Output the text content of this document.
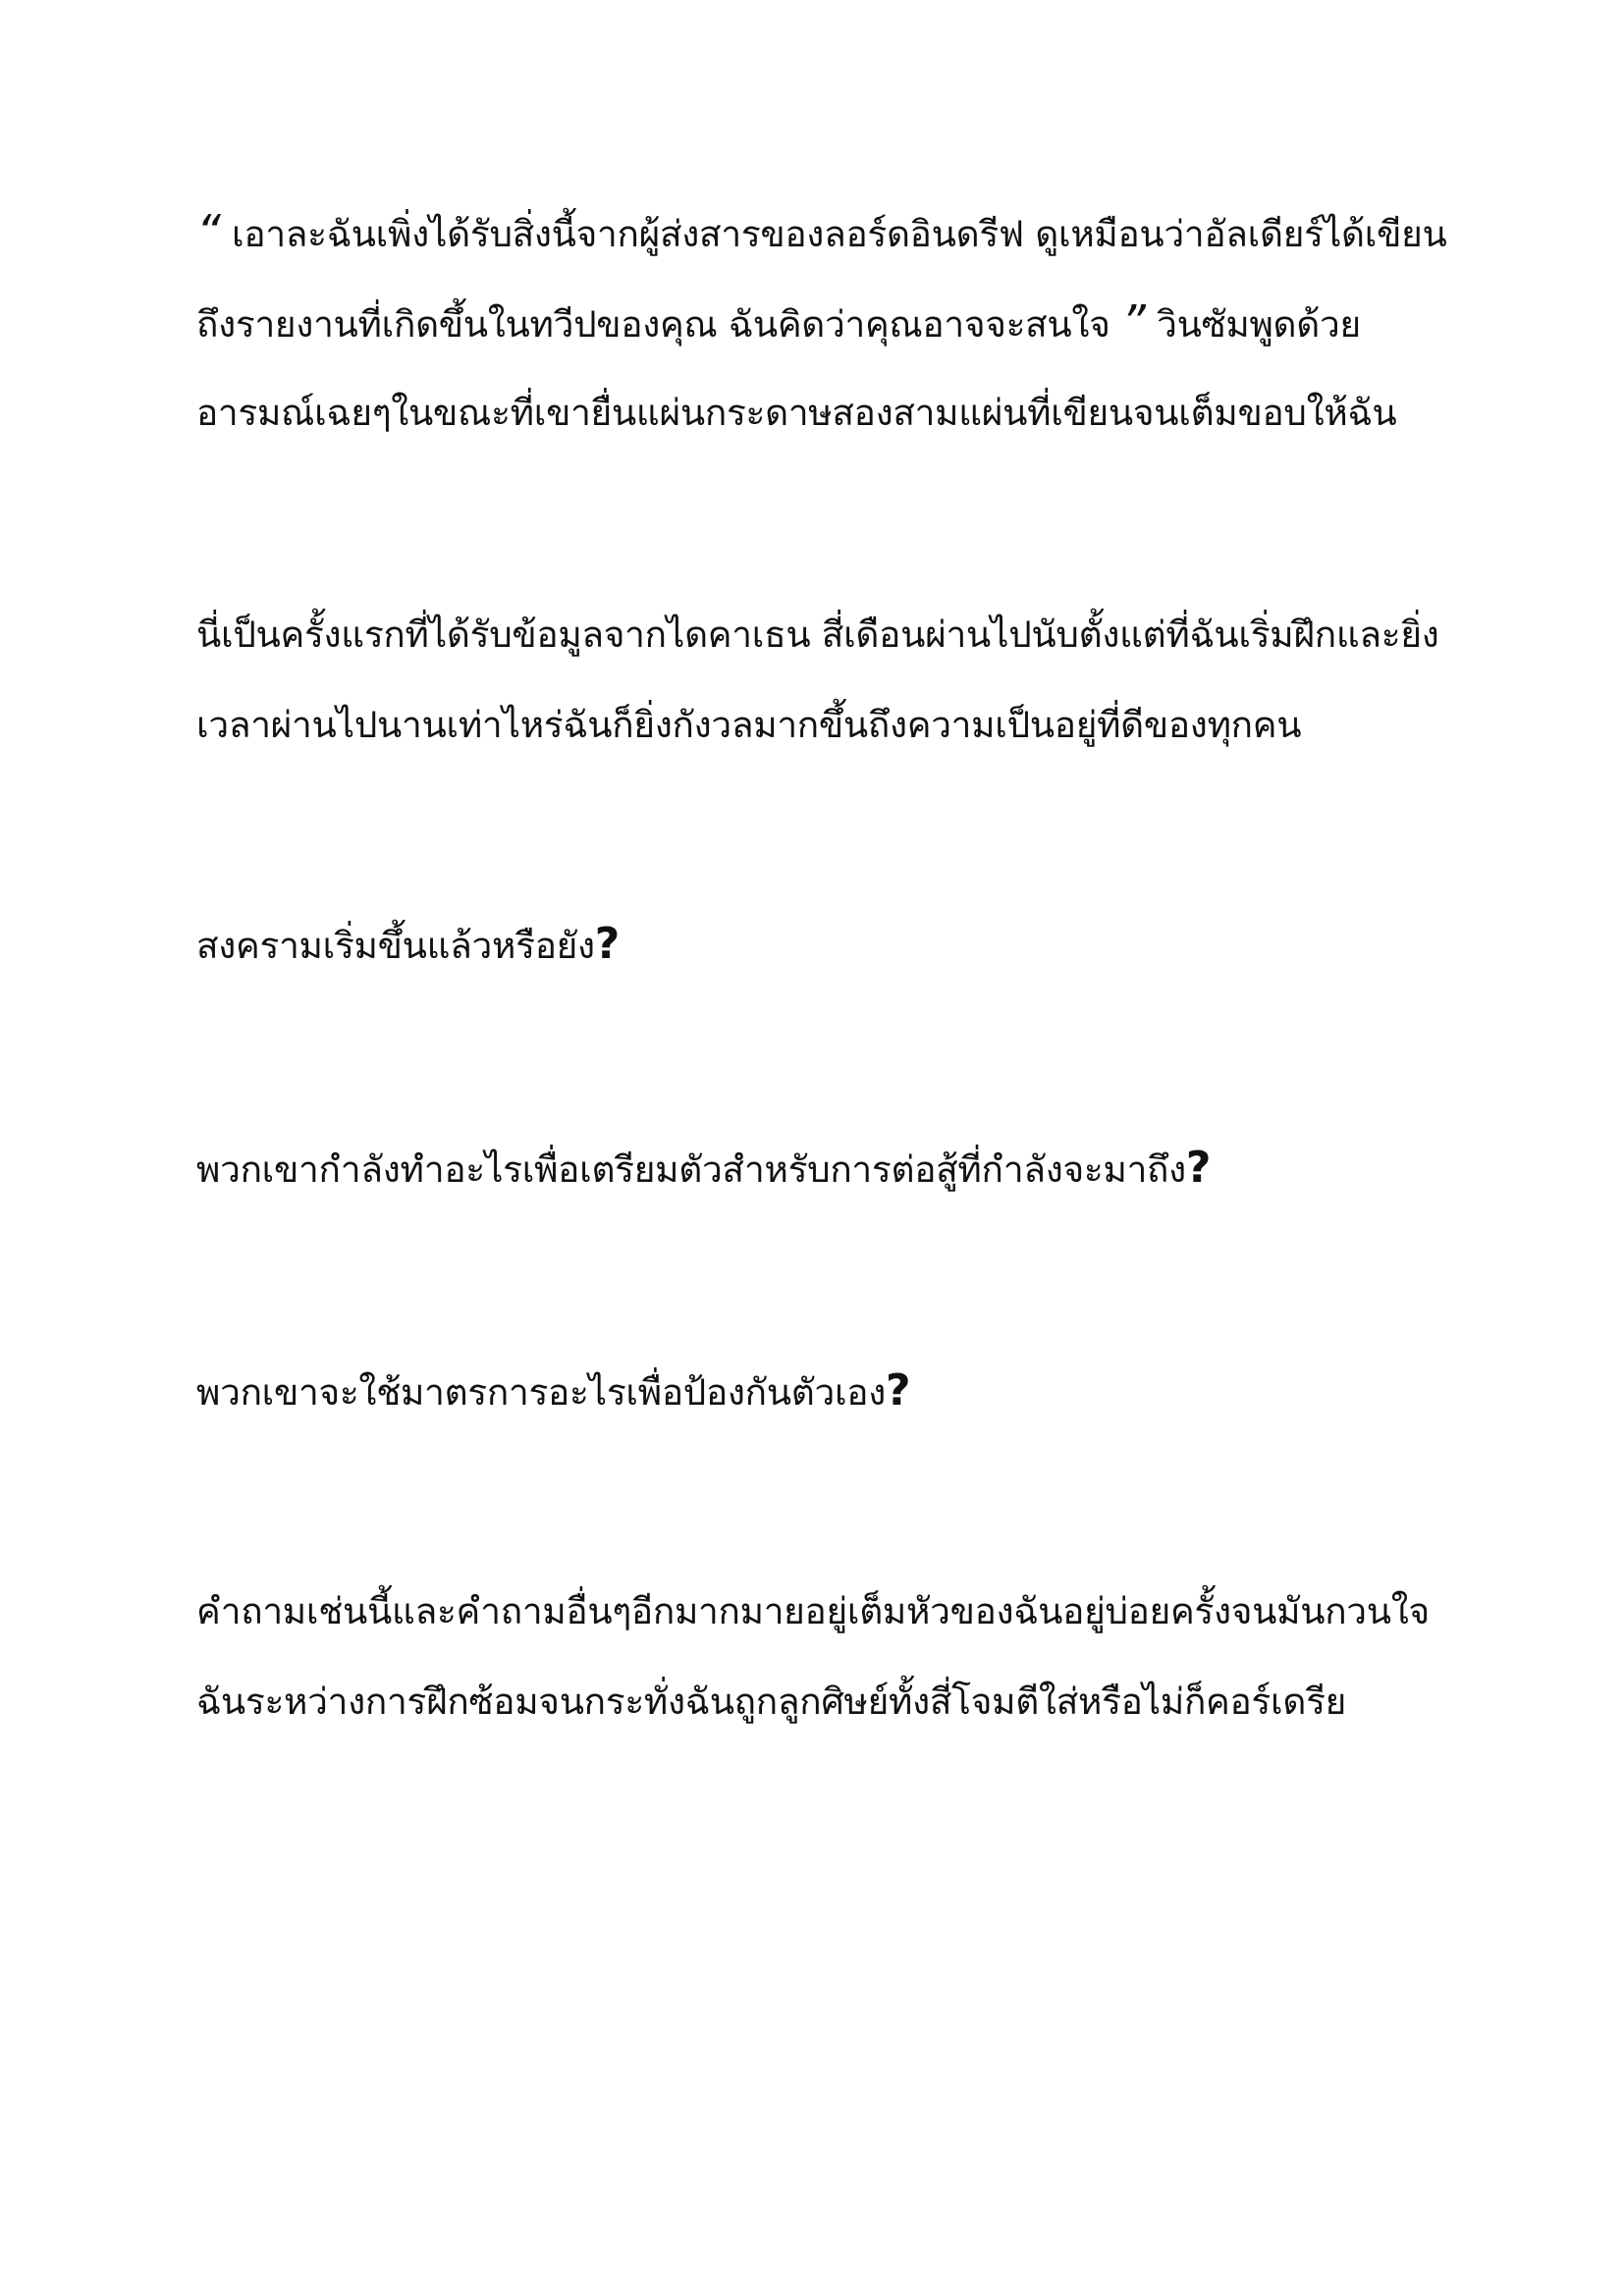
“ เอาละฉันเพิ่งได้รับสิ่งนี้จากผู้ส่งสารของลอร์ดอินดรีฟ ดูเหมือนว่าอัลเดียร์ได้เขียน
ถึงรายงานที่เกิดขึ้นในทวีปของคุณ ฉันคิดว่าคุณอาจจะสนใจ ” วินซัมพูดด้วย
อารมณ์เฉยๆในขณะที่เขายื่นแผ่นกระดาษสองสามแผ่นที่เขียนจนเต็มขอบให้ฉัน
นี่เป็นครั้งแรกที่ได้รับข้อมูลจากไดคาเธน สี่เดือนผ่านไปนับตั้งแต่ที่ฉันเริ่มฝึกและยิ่ง
เวลาผ่านไปนานเท่าไหร่ฉันก็ยิ่งกังวลมากขึ้นถึงความเป็นอยู่ที่ดีของทุกคน
สงครามเริ่มขึ้นแล้วหรือยัง?
พวกเขากำลังทำอะไรเพื่อเตรียมตัวสำหรับการต่อสู้ที่กำลังจะมาถึง?
พวกเขาจะใช้มาตรการอะไรเพื่อป้องกันตัวเอง?
คำถามเช่นนี้และคำถามอื่นๆอีกมากมายอยู่เต็มหัวของฉันอยู่บ่อยครั้งจนมันกวนใจ
ฉันระหว่างการฝึกซ้อมจนกระทั่งฉันถูกลูกศิษย์ทั้งสี่โจมตีใส่หรือไม่ก็คอร์เดรีย
